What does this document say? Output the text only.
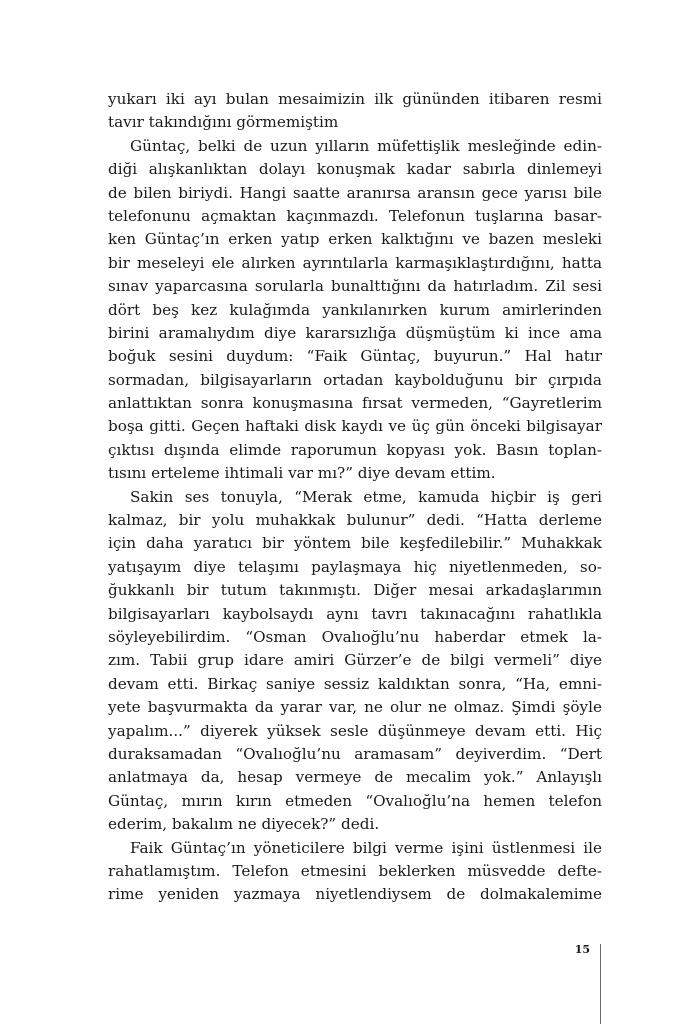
yukarı iki ayı bulan mesaimizin ilk gününden itibaren resmi
tavır takındığını görmemiştim
Güntaç, belki de uzun yılların müfettişlik mesleğinde edin-
diği alışkanlıktan dolayı konuşmak kadar sabırla dinlemeyi
de bilen biriydi. Hangi saatte aranırsa aransın gece yarısı bile
telefonunu açmaktan kaçınmazdı. Telefonun tuşlarına basar-
ken Güntaç’ın erken yatıp erken kalktığını ve bazen mesleki
bir meseleyi ele alırken ayrıntılarla karmaşıklaştırdığını, hatta
sınav yaparcasına sorularla bunalttığını da hatırladım. Zil sesi
dört beş kez kulağımda yankılanırken kurum amirlerinden
birini aramalıydım diye kararsızlığa düşmüştüm ki ince ama
boğuk sesini duydum: “Faik Güntaç, buyurun.” Hal hatır
sormadan, bilgisayarların ortadan kaybolduğunu bir çırpıda
anlattıktan sonra konuşmasına fırsat vermeden, “Gayretlerim
boşa gitti. Geçen haftaki disk kaydı ve üç gün önceki bilgisayar
çıktısı dışında elimde raporumun kopyası yok. Basın toplan-
tısını erteleme ihtimali var mı?” diye devam ettim.
Sakin ses tonuyla, “Merak etme, kamuda hiçbir iş geri
kalmaz, bir yolu muhakkak bulunur” dedi. “Hatta derleme
için daha yaratıcı bir yöntem bile keşfedilebilir.” Muhakkak
yatışayım diye telaşımı paylaşmaya hiç niyetlenmeden, so-
ğukkanlı bir tutum takınmıştı. Diğer mesai arkadaşlarımın
bilgisayarları kaybolsaydı aynı tavrı takınacağını rahatlıkla
söyleyebilirdim. “Osman Ovalıoğlu’nu haberdar etmek la-
zım. Tabii grup idare amiri Gürzer’e de bilgi vermeli” diye
devam etti. Birkaç saniye sessiz kaldıktan sonra, “Ha, emni-
yete başvurmakta da yarar var, ne olur ne olmaz. Şimdi şöyle
yapalım...” diyerek yüksek sesle düşünmeye devam etti. Hiç
duraksamadan “Ovalıoğlu’nu aramasam” deyiverdim. “Dert
anlatmaya da, hesap vermeye de mecalim yok.” Anlayışlı
Güntaç, mırın kırın etmeden “Ovalıoğlu’na hemen telefon
ederim, bakalım ne diyecek?” dedi.
Faik Güntaç’ın yöneticilere bilgi verme işini üstlenmesi ile
rahatlamıştım. Telefon etmesini beklerken müsvedde defte-
rime yeniden yazmaya niyetlendiysem de dolmakalemime
15
